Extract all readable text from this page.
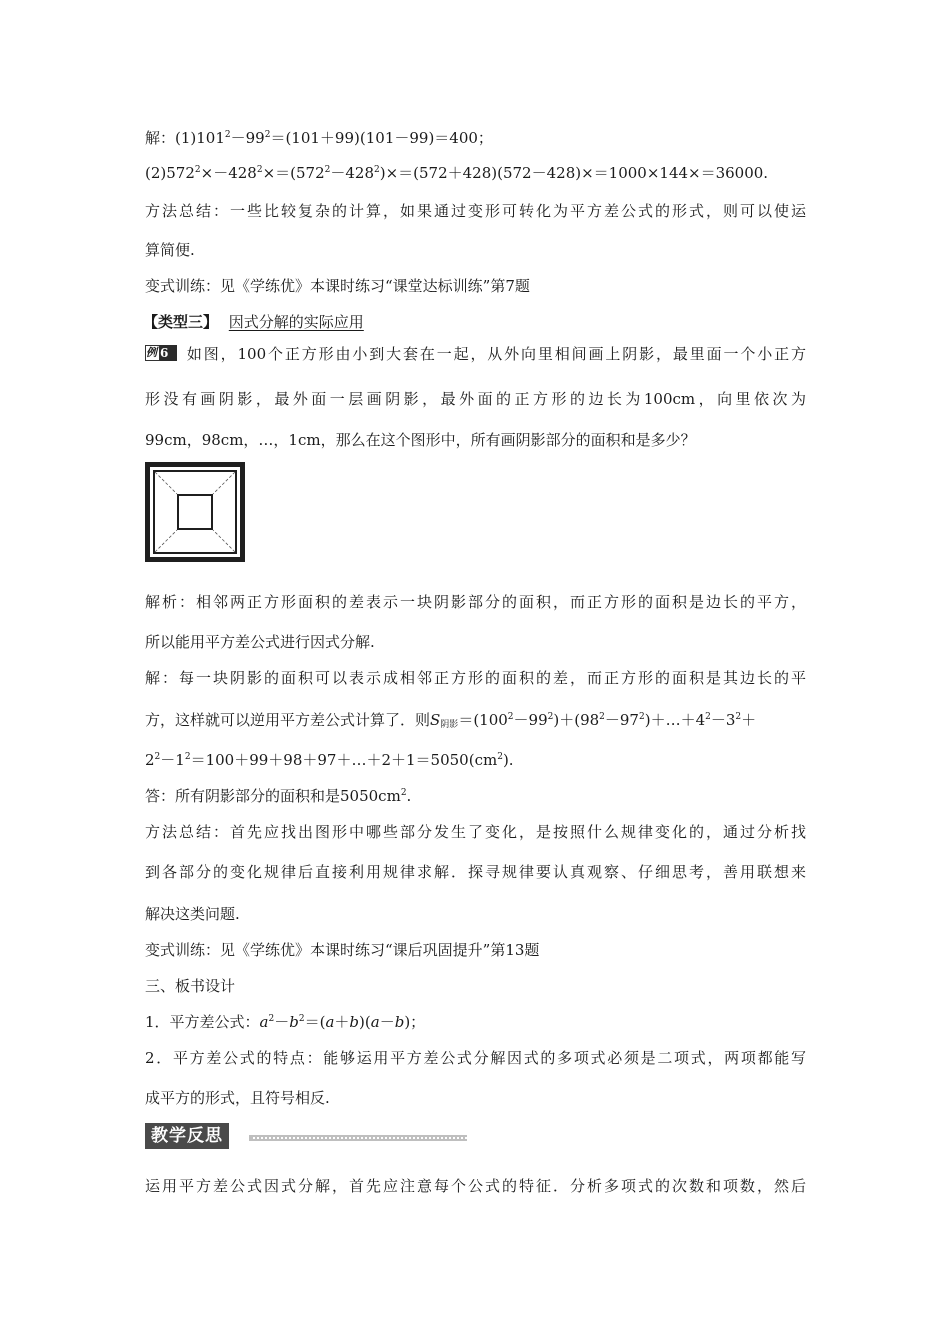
解：$(1)101^2-99^2=(101+99)(101-99)=400$；
$(2)572^2\times-428^2\times=(572^2-428^2)\times=(572+428)(572-428)\times=1000\times 144\times=36000$.
方法总结：一些比较复杂的计算，如果通过变形可转化为平方差公式的形式，则可以使运
算简便.
变式训练：见《学练优》本课时练习“课堂达标训练”第7题
【类型三】 因式分解的实际应用
例 6	如图，100个正方形由小到大套在一起，从外向里相间画上阴影，最里面一个小正方
形没有画阴影，最外面一层画阴影，最外面的正方形的边长为100cm，向里依次为
99cm，98cm，…，1cm，那么在这个图形中，所有画阴影部分的面积和是多少？
解析：相邻两正方形面积的差表示一块阴影部分的面积，而正方形的面积是边长的平方，
所以能用平方差公式进行因式分解.
解：每一块阴影的面积可以表示成相邻正方形的面积的差，而正方形的面积是其边长的平
方，这样就可以逆用平方差公式计算了．则$S_{阴影}=(100^2-99^2)+(98^2-97^2)+\dots+4^2-3^2+$
$2^2-1^2=100+99+98+97+\dots+2+1=5050(cm^2)$.
答：所有阴影部分的面积和是$5050cm^2$.
方法总结：首先应找出图形中哪些部分发生了变化，是按照什么规律变化的，通过分析找
到各部分的变化规律后直接利用规律求解．探寻规律要认真观察、仔细思考，善用联想来
解决这类问题.
变式训练：见《学练优》本课时练习“课后巩固提升”第13题
三、板书设计
1．平方差公式：$a^2-b^2=(a+b)(a-b)$；
2．平方差公式的特点：能够运用平方差公式分解因式的多项式必须是二项式，两项都能写
成平方的形式，且符号相反.
教学反思
运用平方差公式因式分解，首先应注意每个公式的特征．分析多项式的次数和项数，然后
